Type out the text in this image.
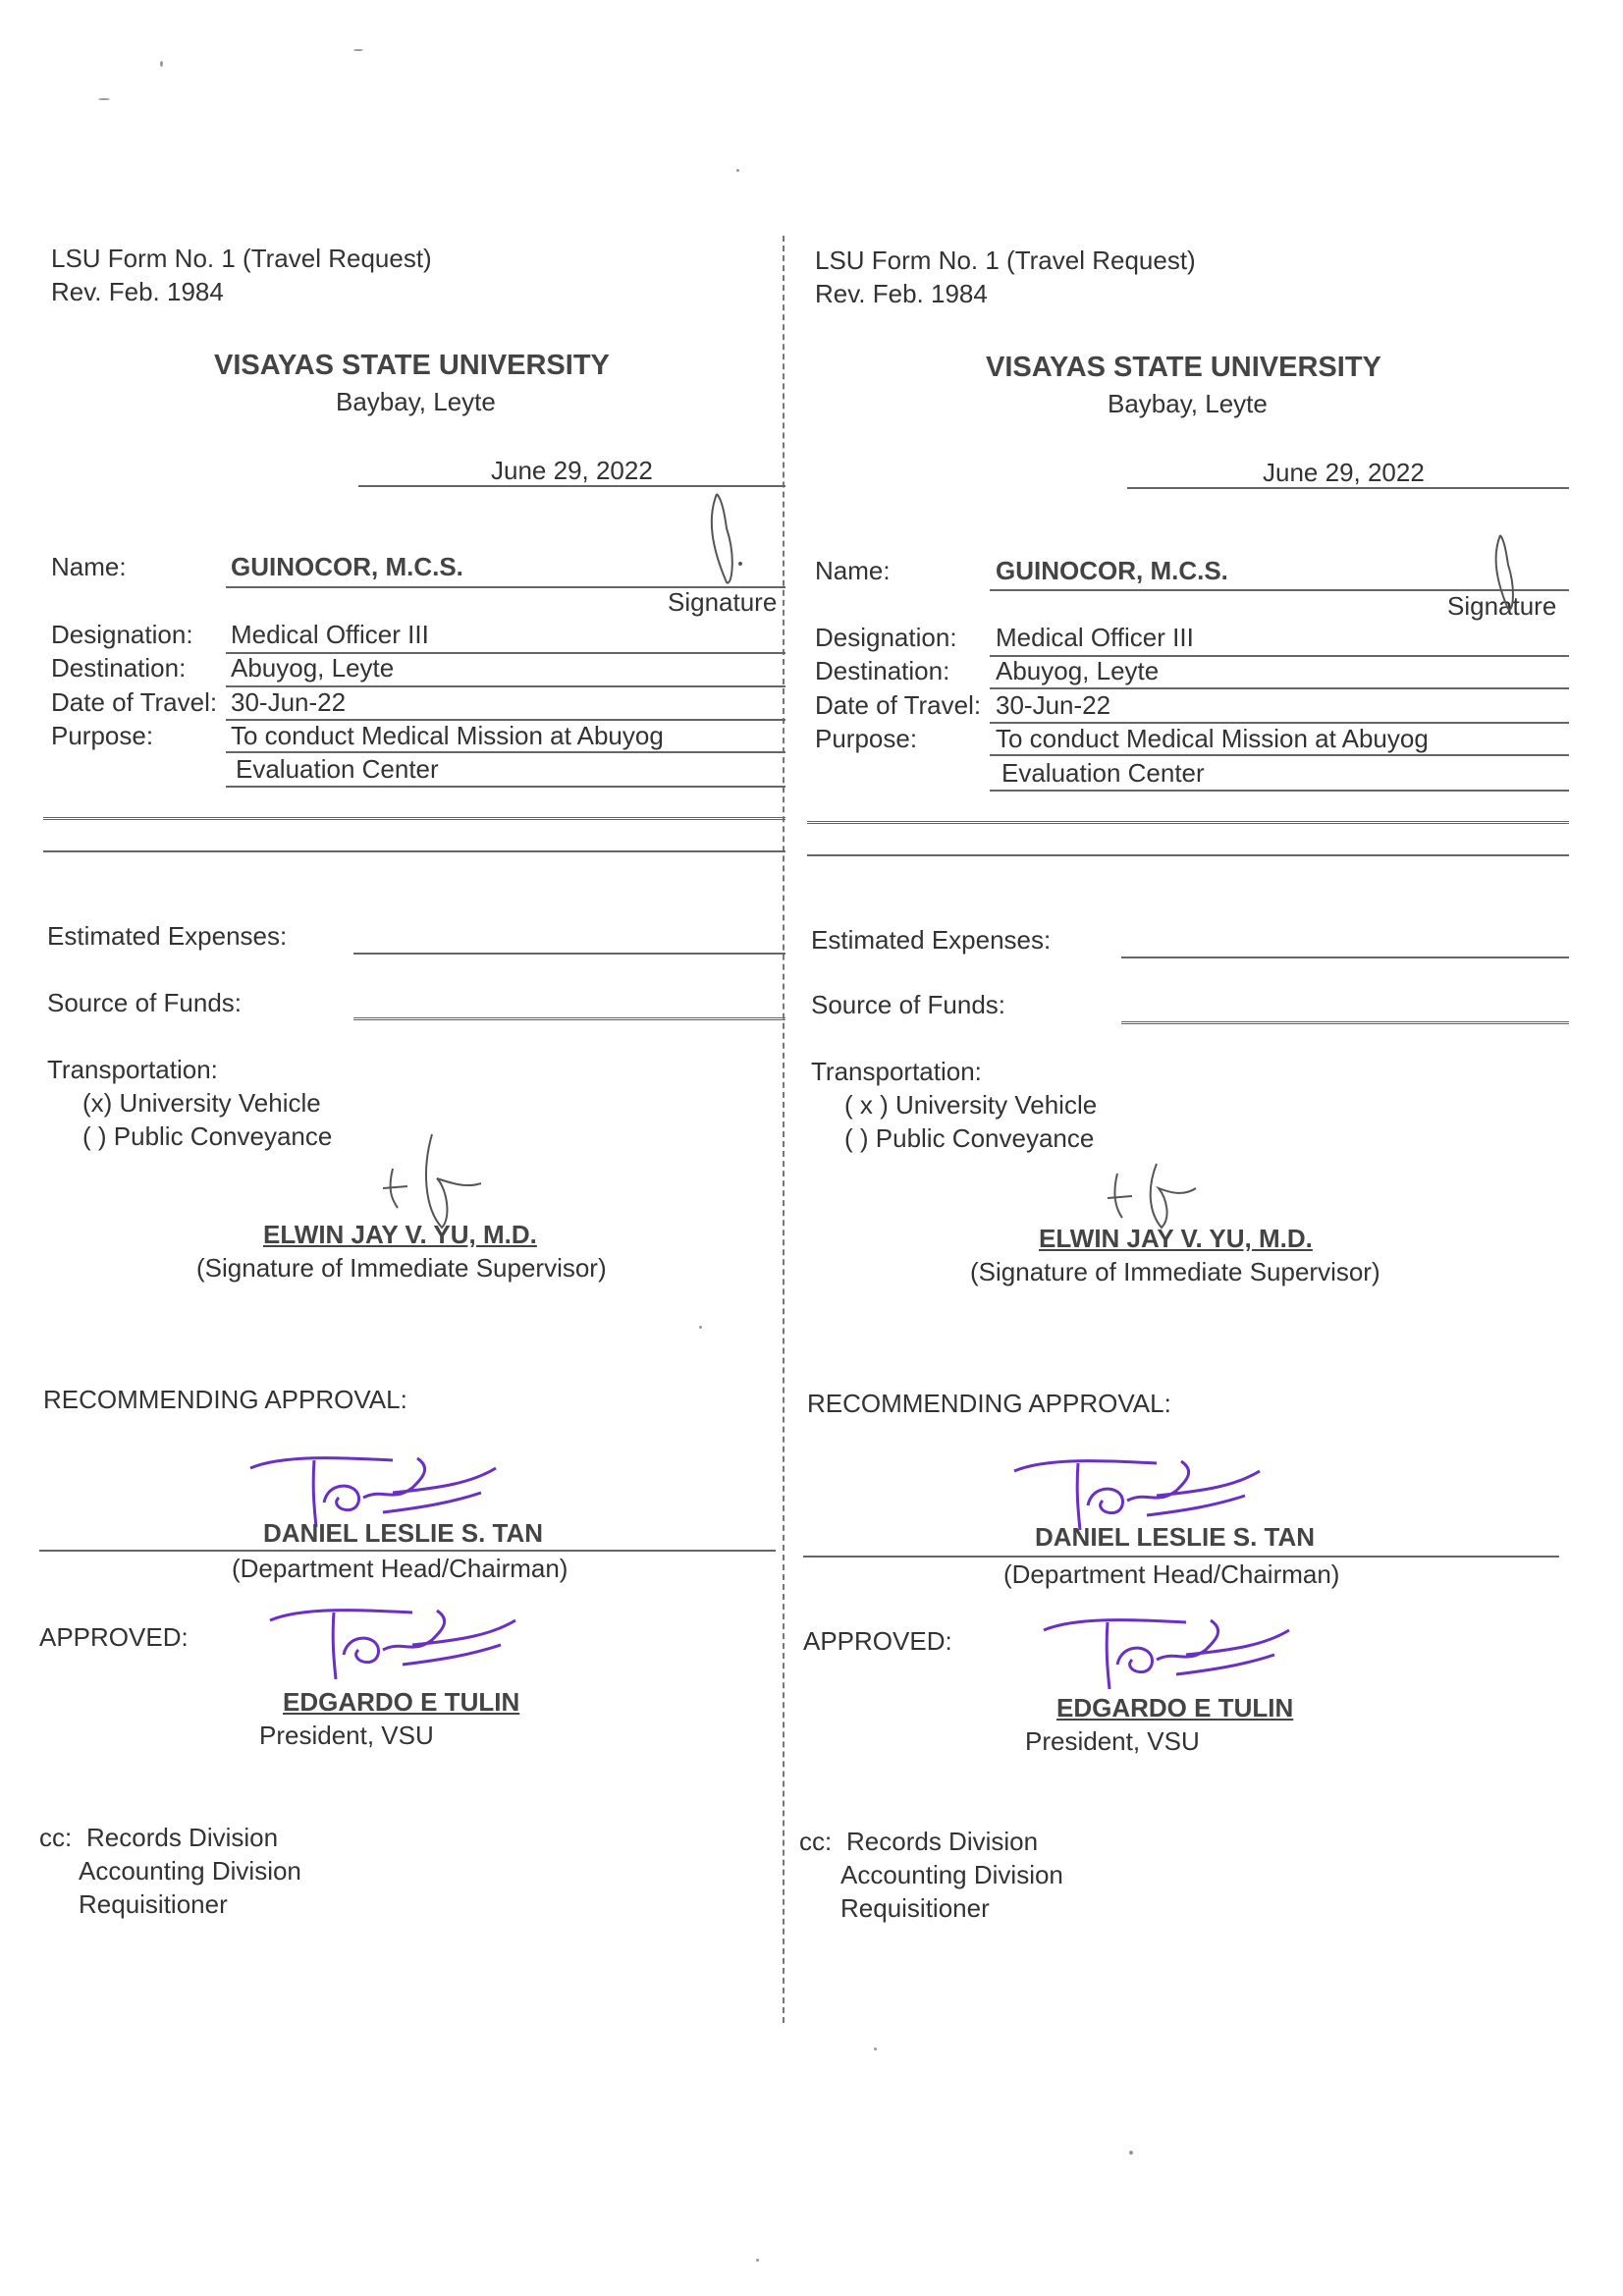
LSU Form No. 1 (Travel Request)
Rev. Feb. 1984
VISAYAS STATE UNIVERSITY
Baybay, Leyte
June 29, 2022
Name:	GUINOCOR, M.C.S.
Signature
Designation: Medical Officer III
Destination: Abuyog, Leyte
Date of Travel: 30-Jun-22
Purpose:	To conduct Medical Mission at Abuyog
Evaluation Center
Estimated Expenses:
Source of Funds:
Transportation:
(x) University Vehicle
( ) Public Conveyance
ELWIN JAY V. YU, M.D.
(Signature of Immediate Supervisor)
RECOMMENDING APPROVAL:
DANIEL LESLIE S. TAN
(Department Head/Chairman)
APPROVED:
EDGARDO E TULIN
President, VSU
cc: Records Division
Accounting Division
Requisitioner
LSU Form No. 1 (Travel Request)
Rev. Feb. 1984
VISAYAS STATE UNIVERSITY
Baybay, Leyte
June 29, 2022
Name:	GUINOCOR, M.C.S.
Signature
Designation: Medical Officer III
Destination: Abuyog, Leyte
Date of Travel: 30-Jun-22
Purpose:	To conduct Medical Mission at Abuyog
Evaluation Center
Estimated Expenses:
Source of Funds:
Transportation:
( x ) University Vehicle
( ) Public Conveyance
ELWIN JAY V. YU, M.D.
(Signature of Immediate Supervisor)
RECOMMENDING APPROVAL:
DANIEL LESLIE S. TAN
(Department Head/Chairman)
APPROVED:
EDGARDO E TULIN
President, VSU
cc: Records Division
Accounting Division
Requisitioner
